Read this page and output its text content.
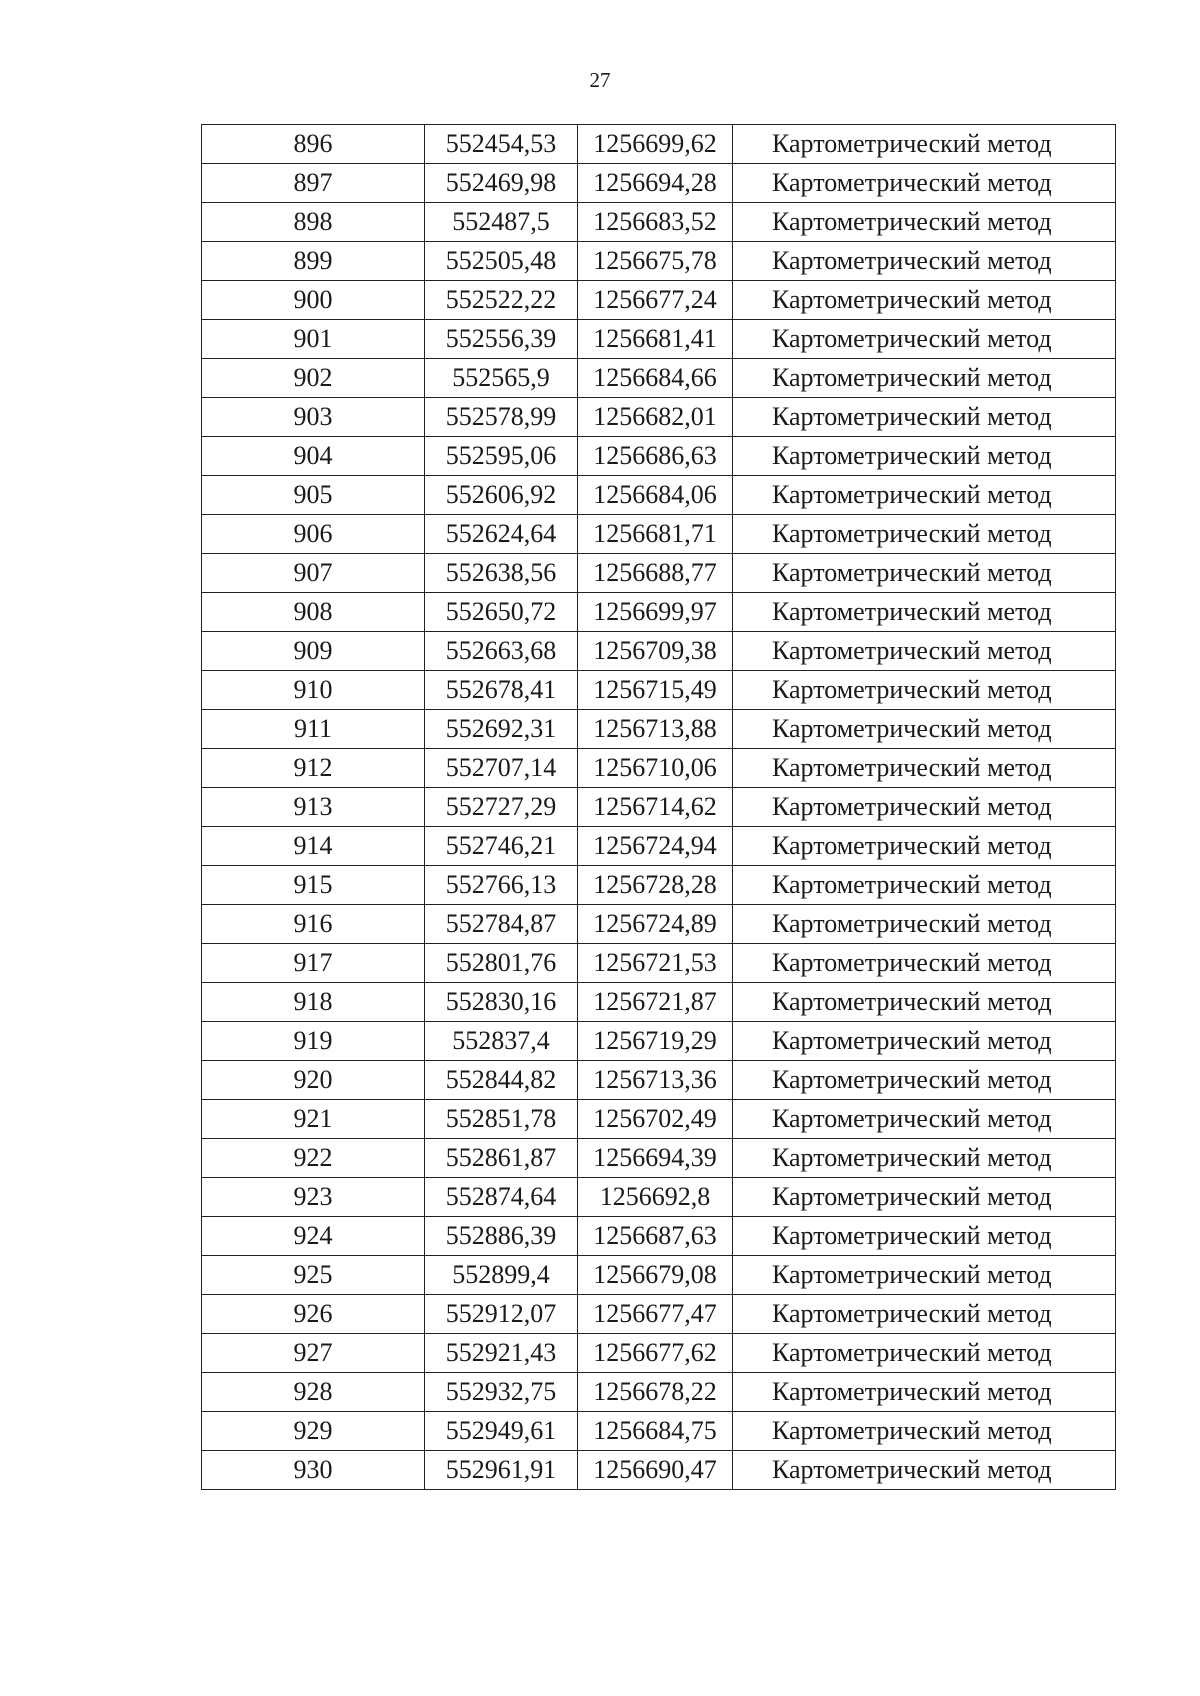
27
896	552454,53	1256699,62	Картометрический метод
897	552469,98	1256694,28	Картометрический метод
898	552487,5	1256683,52	Картометрический метод
899	552505,48	1256675,78	Картометрический метод
900	552522,22	1256677,24	Картометрический метод
901	552556,39	1256681,41	Картометрический метод
902	552565,9	1256684,66	Картометрический метод
903	552578,99	1256682,01	Картометрический метод
904	552595,06	1256686,63	Картометрический метод
905	552606,92	1256684,06	Картометрический метод
906	552624,64	1256681,71	Картометрический метод
907	552638,56	1256688,77	Картометрический метод
908	552650,72	1256699,97	Картометрический метод
909	552663,68	1256709,38	Картометрический метод
910	552678,41	1256715,49	Картометрический метод
911	552692,31	1256713,88	Картометрический метод
912	552707,14	1256710,06	Картометрический метод
913	552727,29	1256714,62	Картометрический метод
914	552746,21	1256724,94	Картометрический метод
915	552766,13	1256728,28	Картометрический метод
916	552784,87	1256724,89	Картометрический метод
917	552801,76	1256721,53	Картометрический метод
918	552830,16	1256721,87	Картометрический метод
919	552837,4	1256719,29	Картометрический метод
920	552844,82	1256713,36	Картометрический метод
921	552851,78	1256702,49	Картометрический метод
922	552861,87	1256694,39	Картометрический метод
923	552874,64	1256692,8	Картометрический метод
924	552886,39	1256687,63	Картометрический метод
925	552899,4	1256679,08	Картометрический метод
926	552912,07	1256677,47	Картометрический метод
927	552921,43	1256677,62	Картометрический метод
928	552932,75	1256678,22	Картометрический метод
929	552949,61	1256684,75	Картометрический метод
930	552961,91	1256690,47	Картометрический метод
